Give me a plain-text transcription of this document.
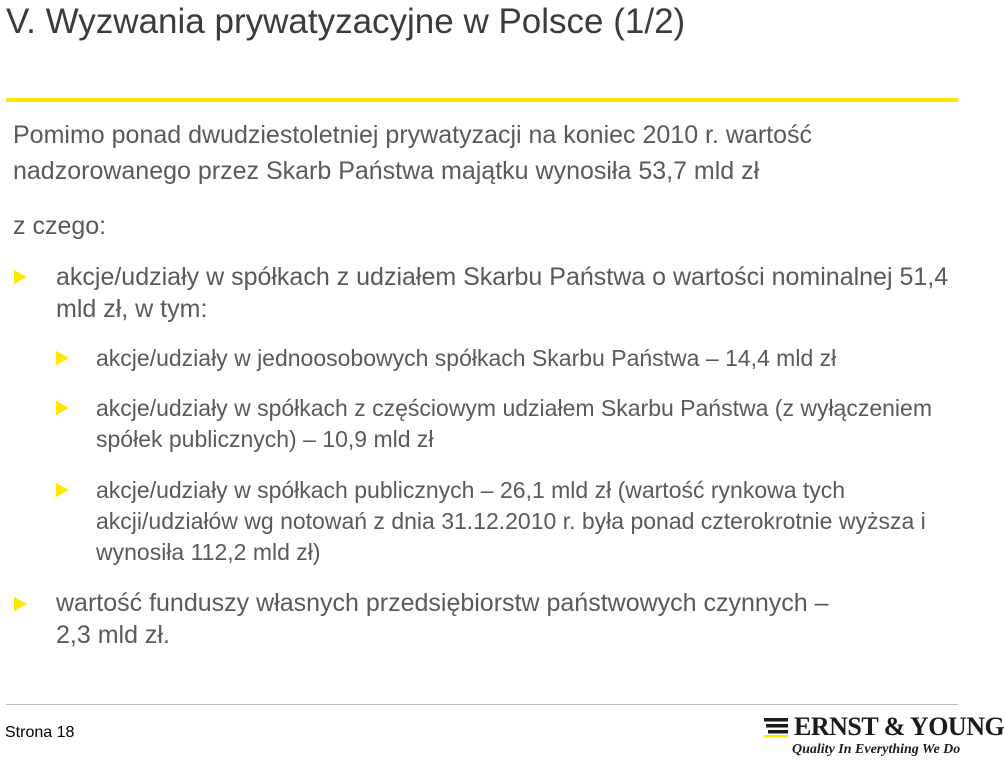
V. Wyzwania prywatyzacyjne w Polsce (1/2)
Pomimo ponad dwudziestoletniej prywatyzacji na koniec 2010 r. wartość
nadzorowanego przez Skarb Państwa majątku wynosiła 53,7 mld zł
z czego:
akcje/udziały w spółkach z udziałem Skarbu Państwa o wartości nominalnej 51,4 mld zł, w tym:
akcje/udziały w jednoosobowych spółkach Skarbu Państwa – 14,4 mld zł
akcje/udziały w spółkach z częściowym udziałem Skarbu Państwa (z wyłączeniem spółek publicznych) – 10,9 mld zł
akcje/udziały w spółkach publicznych – 26,1 mld zł (wartość rynkowa tych akcji/udziałów wg notowań z dnia 31.12.2010 r. była ponad czterokrotnie wyższa i wynosiła 112,2 mld zł)
wartość funduszy własnych przedsiębiorstw państwowych czynnych – 2,3 mld zł.
Strona 18	ERNST & YOUNG
Quality In Everything We Do
